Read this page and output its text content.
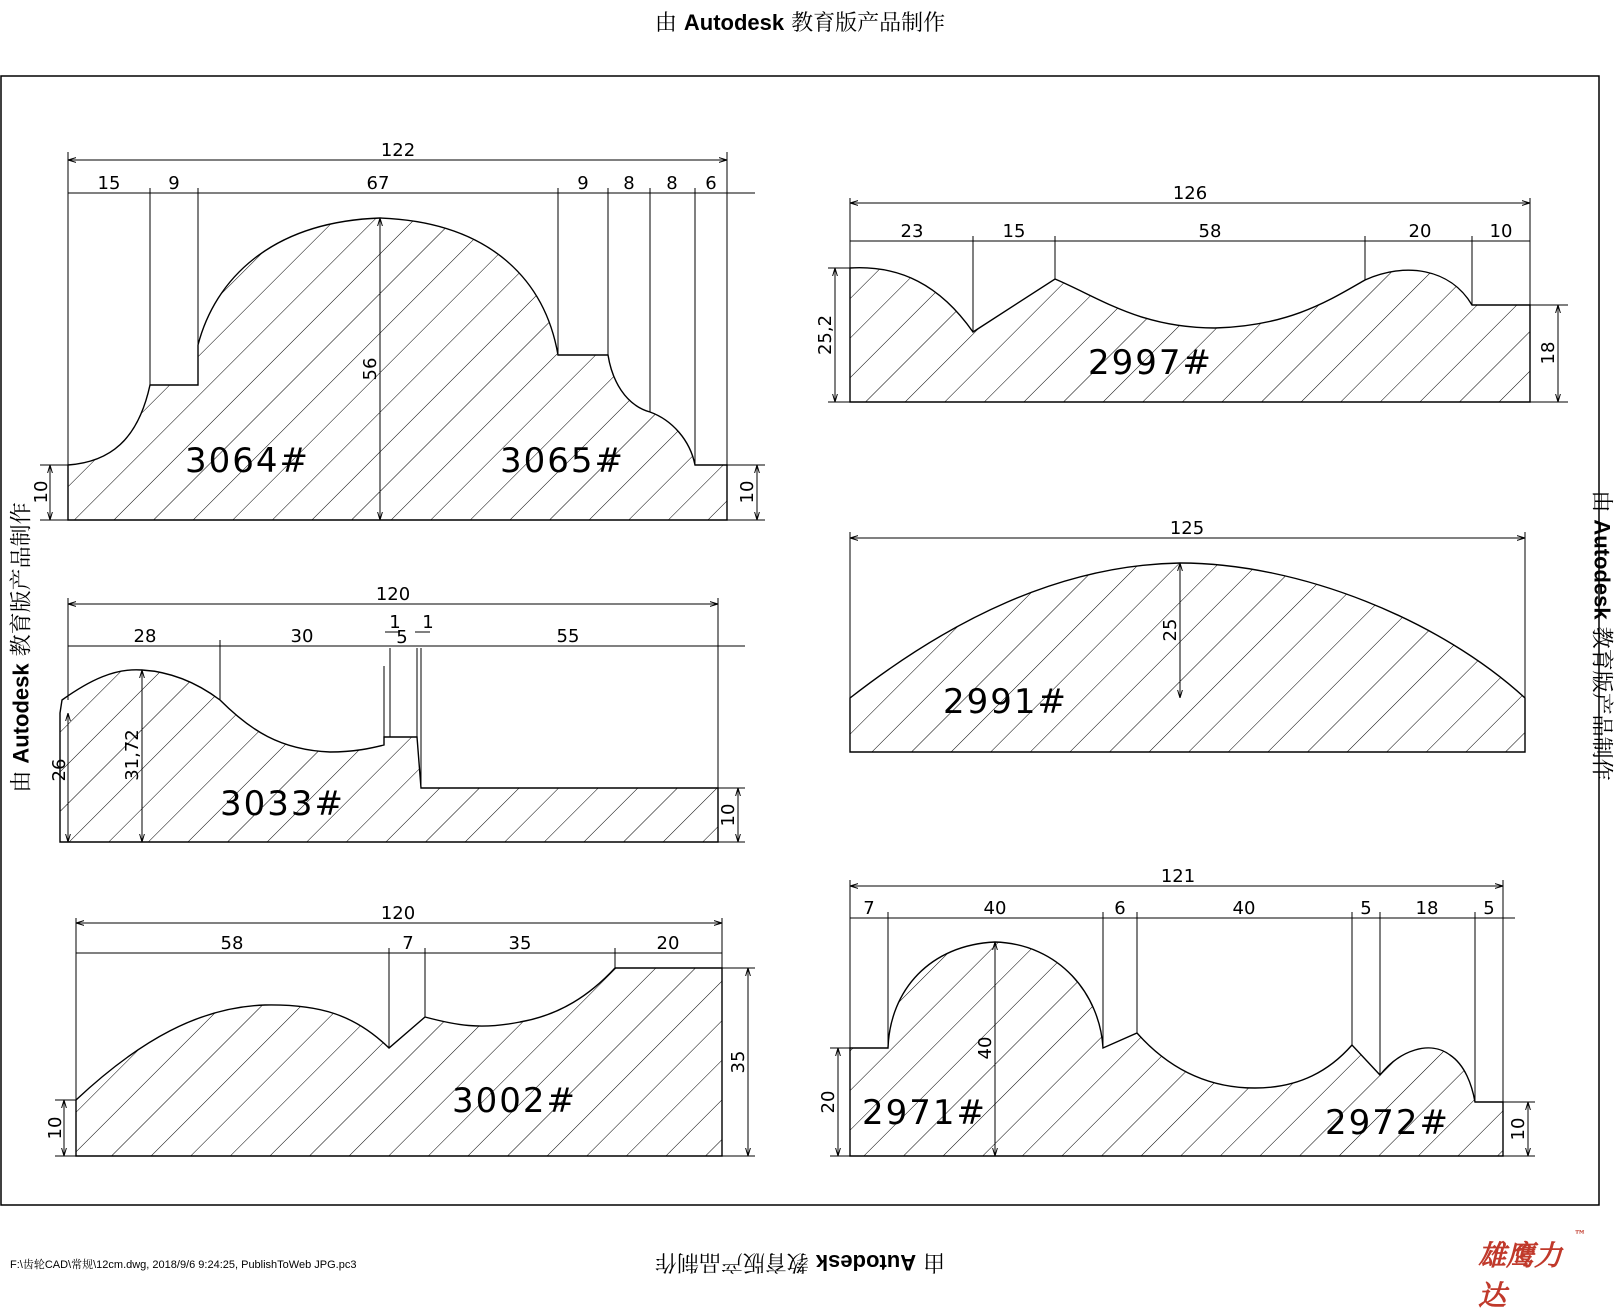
122
15	9	67	9 8 8 6
56
10	10
3064#	3065#
126
23	15	58	20	10
25,2	18
2997#
125
25
2991#
120
28	30
1
5
1
55
26	31,72
10
3033#
120
58	7	35	20
10
35
3002#
121
7	40	6	40	5 18 5
40
20
10
2971#	2972#
由 Autodesk 教育版产品制作
由 Autodesk 教育版产品制作
由 Autodesk 教育版产品制作
由 Autodesk 教育版产品制作
F:\齿轮CAD\常规\12cm.dwg, 2018/9/6 9:24:25, PublishToWeb JPG.pc3	雄鹰力达
™
